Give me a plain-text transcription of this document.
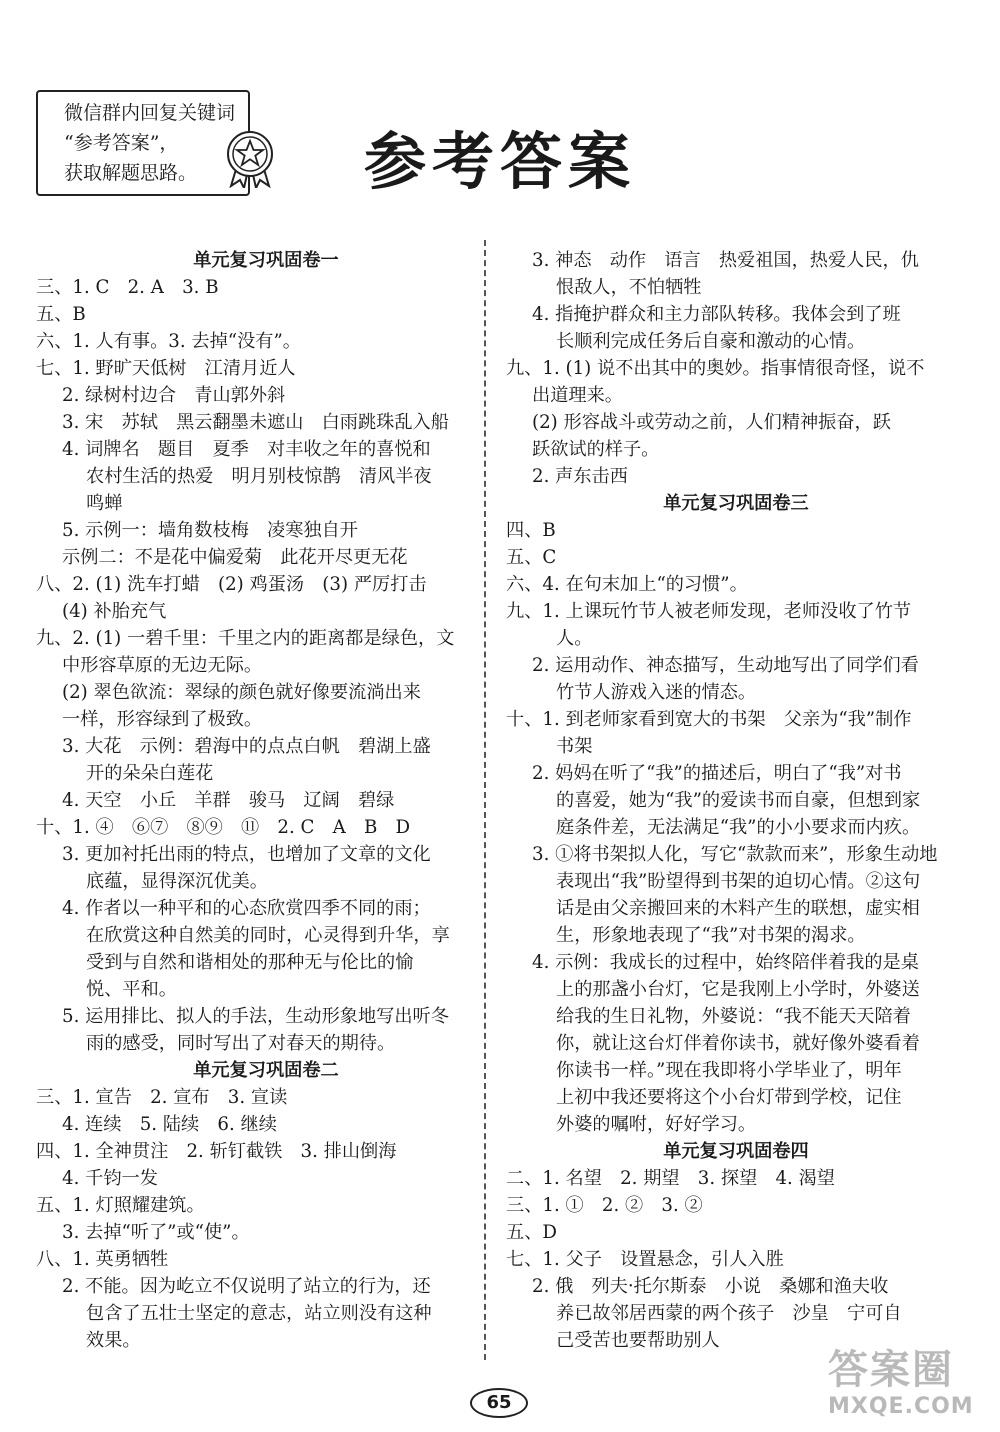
微信群内回复关键词
“参考答案”，
获取解题思路。	参考答案
单元复习巩固卷一
三、1. C　2. A　3. B
五、B
六、1. 人有事。3. 去掉“没有”。
七、1. 野旷天低树　江清月近人
2. 绿树村边合　青山郭外斜
3. 宋　苏轼　黑云翻墨未遮山　白雨跳珠乱入船
4. 词牌名　题目　夏季　对丰收之年的喜悦和
农村生活的热爱　明月别枝惊鹊　清风半夜
鸣蝉
5. 示例一：墙角数枝梅　凌寒独自开
示例二：不是花中偏爱菊　此花开尽更无花
八、2. (1) 洗车打蜡　(2) 鸡蛋汤　(3) 严厉打击
(4) 补胎充气
九、2. (1) 一碧千里：千里之内的距离都是绿色，文
中形容草原的无边无际。
(2) 翠色欲流：翠绿的颜色就好像要流淌出来
一样，形容绿到了极致。
3. 大花　示例：碧海中的点点白帆　碧湖上盛
开的朵朵白莲花
4. 天空　小丘　羊群　骏马　辽阔　碧绿
十、1. ④　⑥⑦　⑧⑨　⑪　2. C　A　B　D
3. 更加衬托出雨的特点，也增加了文章的文化
底蕴，显得深沉优美。
4. 作者以一种平和的心态欣赏四季不同的雨；
在欣赏这种自然美的同时，心灵得到升华，享
受到与自然和谐相处的那种无与伦比的愉
悦、平和。
5. 运用排比、拟人的手法，生动形象地写出听冬
雨的感受，同时写出了对春天的期待。
单元复习巩固卷二
三、1. 宣告　2. 宣布　3. 宣读
4. 连续　5. 陆续　6. 继续
四、1. 全神贯注　2. 斩钉截铁　3. 排山倒海
4. 千钧一发
五、1. 灯照耀建筑。
3. 去掉“听了”或“使”。
八、1. 英勇牺牲
2. 不能。因为屹立不仅说明了站立的行为，还
包含了五壮士坚定的意志，站立则没有这种
效果。
3. 神态　动作　语言　热爱祖国，热爱人民，仇
恨敌人，不怕牺牲
4. 指掩护群众和主力部队转移。我体会到了班
长顺利完成任务后自豪和激动的心情。
九、1. (1) 说不出其中的奥妙。指事情很奇怪，说不
出道理来。
(2) 形容战斗或劳动之前，人们精神振奋，跃
跃欲试的样子。
2. 声东击西
单元复习巩固卷三
四、B
五、C
六、4. 在句末加上“的习惯”。
九、1. 上课玩竹节人被老师发现，老师没收了竹节
人。
2. 运用动作、神态描写，生动地写出了同学们看
竹节人游戏入迷的情态。
十、1. 到老师家看到宽大的书架　父亲为“我”制作
书架
2. 妈妈在听了“我”的描述后，明白了“我”对书
的喜爱，她为“我”的爱读书而自豪，但想到家
庭条件差，无法满足“我”的小小要求而内疚。
3. ①将书架拟人化，写它“款款而来”，形象生动地
表现出“我”盼望得到书架的迫切心情。②这句
话是由父亲搬回来的木料产生的联想，虚实相
生，形象地表现了“我”对书架的渴求。
4. 示例：我成长的过程中，始终陪伴着我的是桌
上的那盏小台灯，它是我刚上小学时，外婆送
给我的生日礼物，外婆说：“我不能天天陪着
你，就让这台灯伴着你读书，就好像外婆看着
你读书一样。”现在我即将小学毕业了，明年
上初中我还要将这个小台灯带到学校，记住
外婆的嘱咐，好好学习。
单元复习巩固卷四
二、1. 名望　2. 期望　3. 探望　4. 渴望
三、1. ①　2. ②　3. ②
五、D
七、1. 父子　设置悬念，引人入胜
2. 俄　列夫·托尔斯泰　小说　桑娜和渔夫收
养已故邻居西蒙的两个孩子　沙皇　宁可自
己受苦也要帮助别人
65
答案圈
MXQE.COM
